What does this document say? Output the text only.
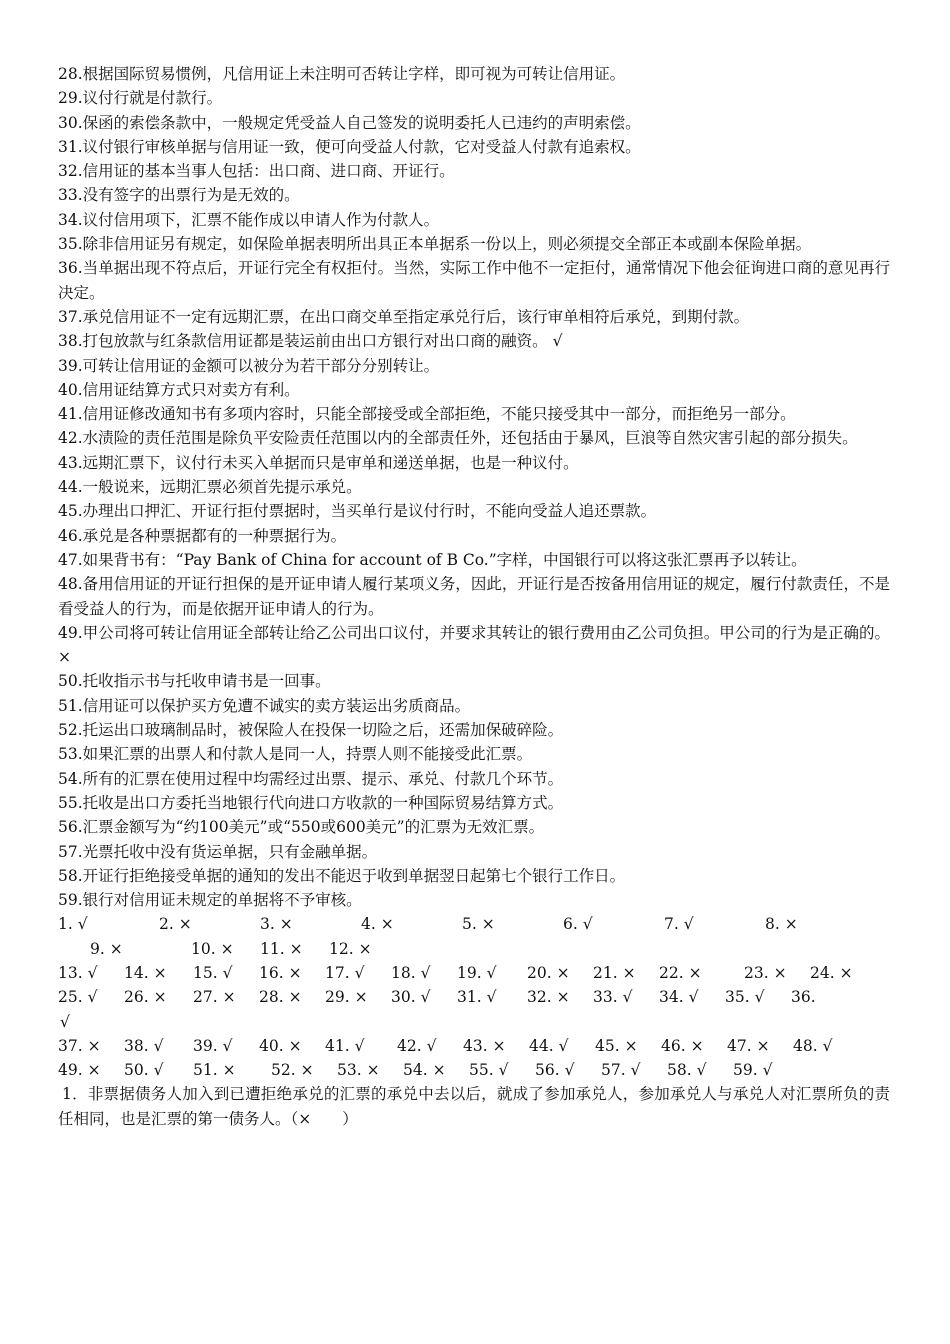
28.根据国际贸易惯例，凡信用证上未注明可否转让字样，即可视为可转让信用证。

29.议付行就是付款行。

30.保函的索偿条款中，一般规定凭受益人自己签发的说明委托人已违约的声明索偿。

31.议付银行审核单据与信用证一致，便可向受益人付款，它对受益人付款有追索权。

32.信用证的基本当事人包括：出口商、进口商、开证行。

33.没有签字的出票行为是无效的。

34.议付信用项下，汇票不能作成以申请人作为付款人。

35.除非信用证另有规定，如保险单据表明所出具正本单据系一份以上，则必须提交全部正本或副本保险单据。

36.当单据出现不符点后，开证行完全有权拒付。当然，实际工作中他不一定拒付，通常情况下他会征询进口商的意见再行决定。

37.承兑信用证不一定有远期汇票，在出口商交单至指定承兑行后，该行审单相符后承兑，到期付款。

38.打包放款与红条款信用证都是装运前由出口方银行对出口商的融资。 √

39.可转让信用证的金额可以被分为若干部分分别转让。

40.信用证结算方式只对卖方有利。

41.信用证修改通知书有多项内容时，只能全部接受或全部拒绝，不能只接受其中一部分，而拒绝另一部分。

42.水渍险的责任范围是除负平安险责任范围以内的全部责任外，还包括由于暴风，巨浪等自然灾害引起的部分损失。

43.远期汇票下，议付行未买入单据而只是审单和递送单据，也是一种议付。

44.一般说来，远期汇票必须首先提示承兑。

45.办理出口押汇、开证行拒付票据时，当买单行是议付行时，不能向受益人追还票款。

46.承兑是各种票据都有的一种票据行为。

47.如果背书有：“Pay Bank of China for account of B Co.”字样，中国银行可以将这张汇票再予以转让。

48.备用信用证的开证行担保的是开证申请人履行某项义务，因此，开证行是否按备用信用证的规定，履行付款责任，不是看受益人的行为，而是依据开证申请人的行为。

49.甲公司将可转让信用证全部转让给乙公司出口议付，并要求其转让的银行费用由乙公司负担。甲公司的行为是正确的。×

50.托收指示书与托收申请书是一回事。

51.信用证可以保护买方免遭不诚实的卖方装运出劣质商品。

52.托运出口玻璃制品时，被保险人在投保一切险之后，还需加保破碎险。

53.如果汇票的出票人和付款人是同一人，持票人则不能接受此汇票。

54.所有的汇票在使用过程中均需经过出票、提示、承兑、付款几个环节。

55.托收是出口方委托当地银行代向进口方收款的一种国际贸易结算方式。

56.汇票金额写为“约100美元”或“550或600美元”的汇票为无效汇票。

57.光票托收中没有货运单据，只有金融单据。

58.开证行拒绝接受单据的通知的发出不能迟于收到单据翌日起第七个银行工作日。

59.银行对信用证未规定的单据将不予审核。

1. √	2. ×	3. ×	4. ×	5. ×	6. √	7. √	8. ×
9. ×	10. × 11. × 12. ×
13. √ 14. × 15. √ 16. × 17. √ 18. √ 19. √ 20. × 21. × 22. ×	23. × 24. ×
25. √ 26. × 27. × 28. × 29. × 30. √ 31. √ 32. × 33. √ 34. √ 35. √ 36.
√
37. × 38. √ 39. √ 40. × 41. √ 42. √ 43. × 44. √ 45. × 46. × 47. × 48. √
49. × 50. √ 51. × 52. × 53. × 54. × 55. √ 56. √ 57. √ 58. √ 59. √

1．非票据债务人加入到已遭拒绝承兑的汇票的承兑中去以后，就成了参加承兑人，参加承兑人与承兑人对汇票所负的责任相同，也是汇票的第一债务人。（×　　）
